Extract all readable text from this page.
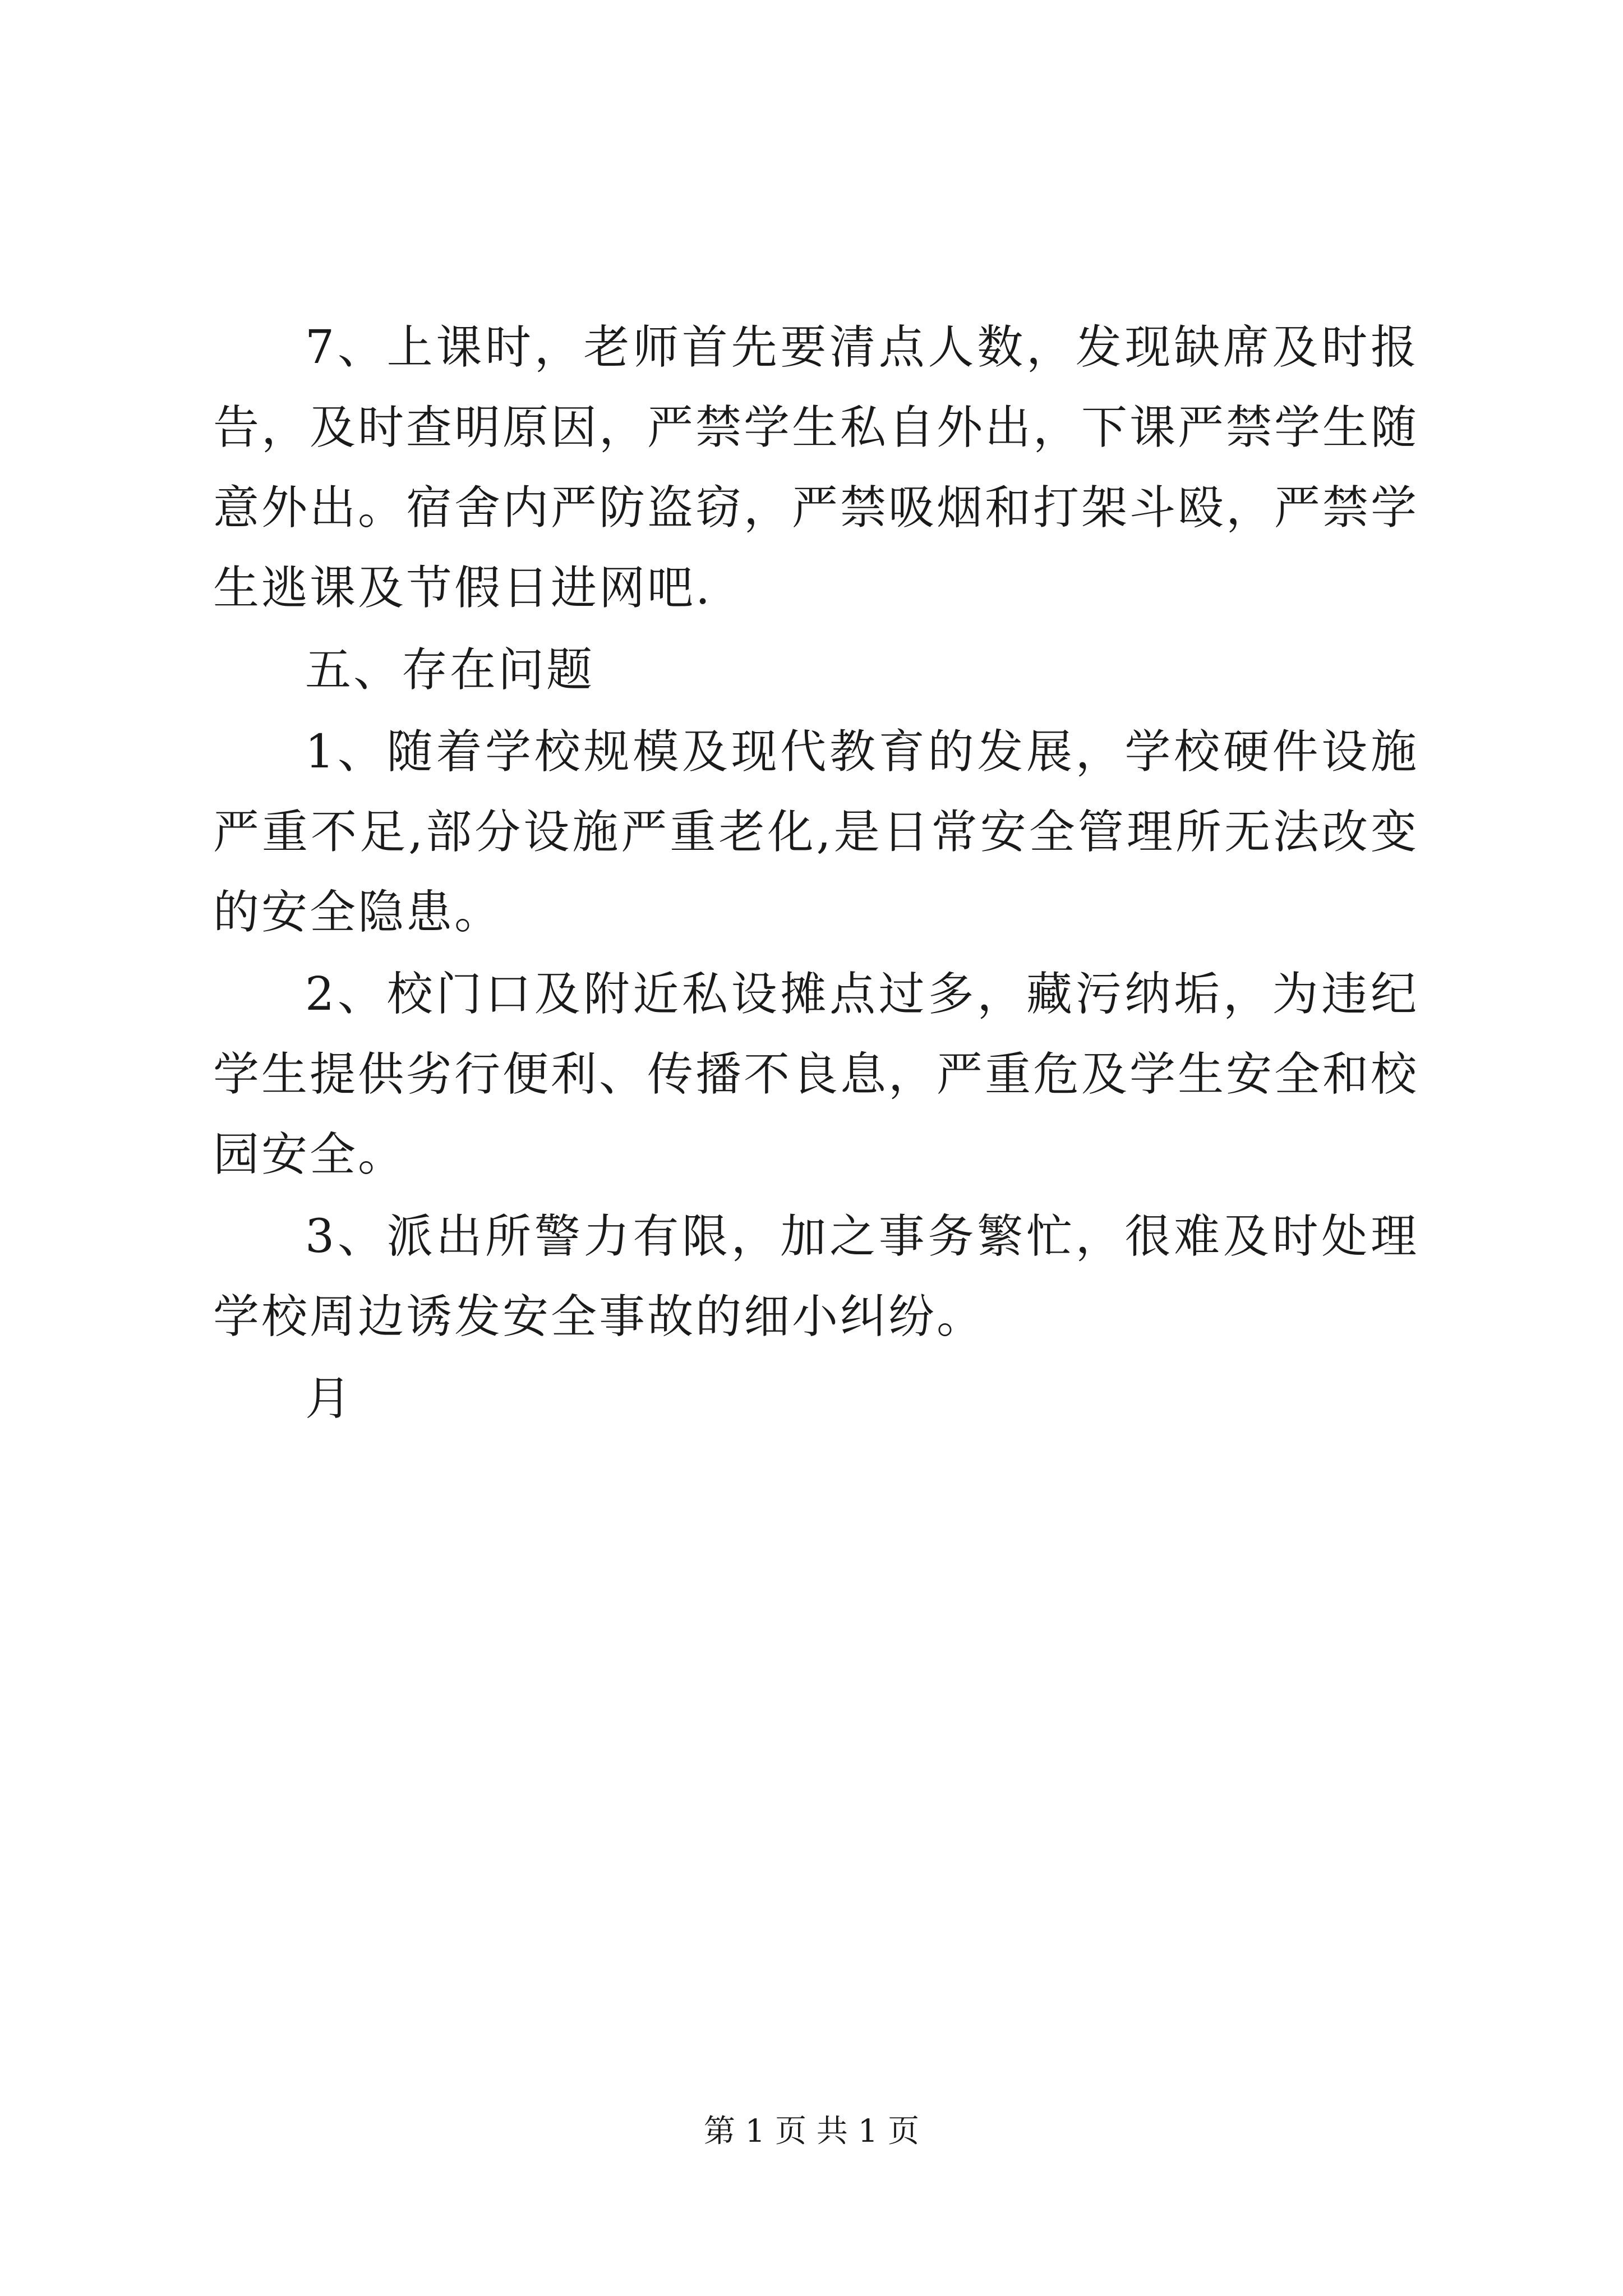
7、上课时，老师首先要清点人数，发现缺席及时报告，及时查明原因，严禁学生私自外出，下课严禁学生随意外出。宿舍内严防盗窃，严禁吸烟和打架斗殴，严禁学生逃课及节假日进网吧.

五、存在问题

1、随着学校规模及现代教育的发展，学校硬件设施严重不足,部分设施严重老化,是日常安全管理所无法改变的安全隐患。

2、校门口及附近私设摊点过多，藏污纳垢，为违纪学生提供劣行便利、传播不良息，严重危及学生安全和校园安全。

3、派出所警力有限，加之事务繁忙，很难及时处理学校周边诱发安全事故的细小纠纷。

月

第 1 页 共 1 页
